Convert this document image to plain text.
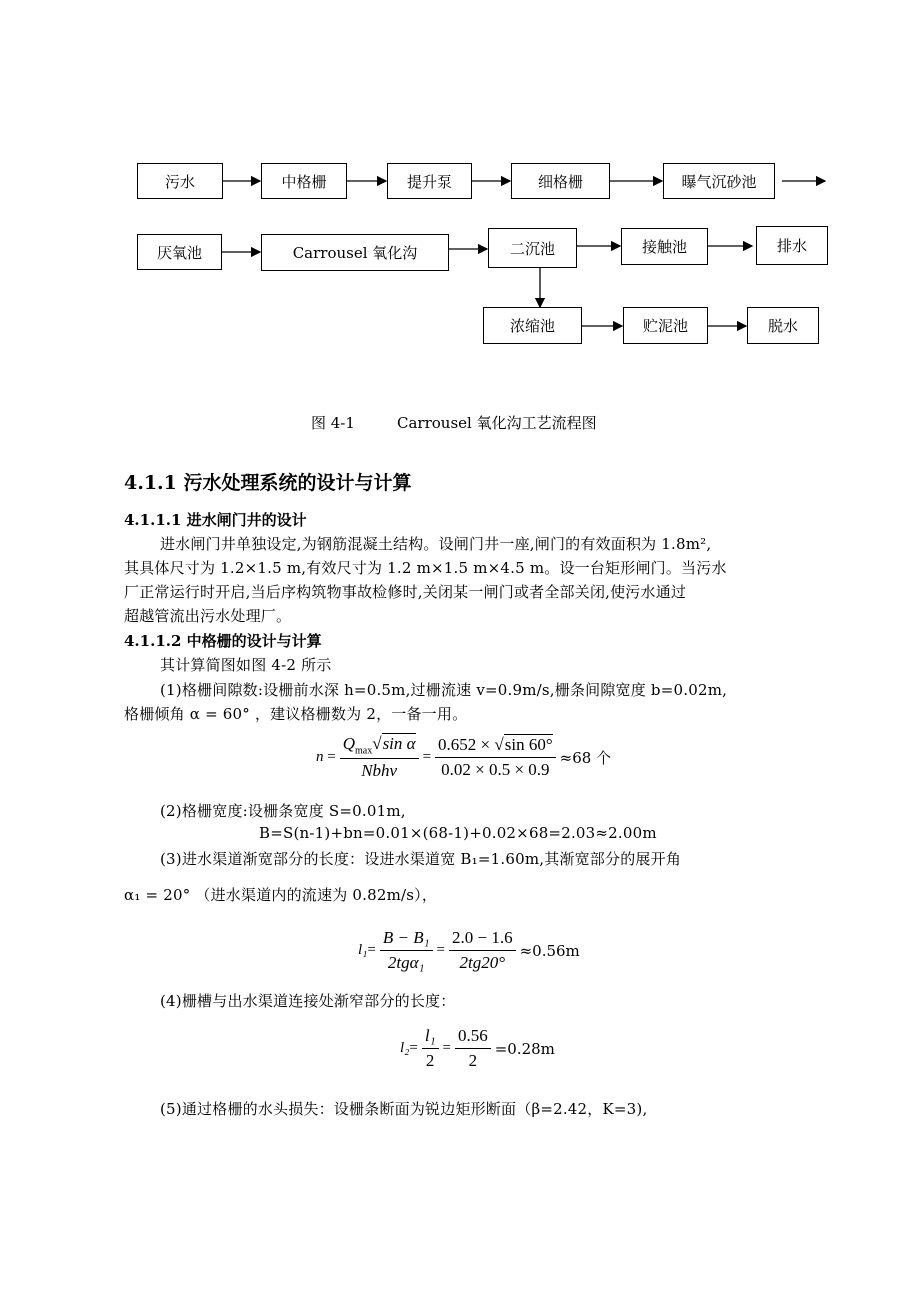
污水	中格栅	提升泵	细格栅	曝气沉砂池
厌氧池	Carrousel 氧化沟	二沉池	接触池	排水
浓缩池	贮泥池	脱水
图 4-1	Carrousel 氧化沟工艺流程图
4.1.1 污水处理系统的设计与计算
4.1.1.1 进水闸门井的设计
进水闸门井单独设定,为钢筋混凝土结构。设闸门井一座,闸门的有效面积为 1.8m²,
其具体尺寸为 1.2×1.5 m,有效尺寸为 1.2 m×1.5 m×4.5 m。设一台矩形闸门。当污水
厂正常运行时开启,当后序构筑物事故检修时,关闭某一闸门或者全部关闭,使污水通过
超越管流出污水处理厂。
4.1.1.2 中格栅的设计与计算
其计算简图如图 4-2 所示
(1)格栅间隙数:设栅前水深 h=0.5m,过栅流速 v=0.9m/s,栅条间隙宽度 b=0.02m,
格栅倾角 α = 60° ，建议格栅数为 2，一备一用。
$n = \frac{Q_{max}√\sin \alpha}{\text{Nbhv}} = \frac{0.652 \times √\sin 60^\circ}{0.02 \times 0.5 \times 0.9} \approx 68$ 个
(2)格栅宽度:设栅条宽度 S=0.01m,
B=S(n-1)+bn=0.01×(68-1)+0.02×68=2.03≈2.00m
(3)进水渠道渐宽部分的长度：设进水渠道宽 B₁=1.60m,其渐宽部分的展开角
α₁ = 20° （进水渠道内的流速为 0.82m/s），
$l_1 = \frac{\text{B − B₁}}{\text{2tgα₁}} = \frac{2.0 - 1.6}{2tg20^\circ} \approx 0.56m$
(4)栅槽与出水渠道连接处渐窄部分的长度：
$l_2 = \frac{\text{l₁}}{2} = \frac{0.56}{2} =0.28m$
(5)通过格栅的水头损失：设栅条断面为锐边矩形断面（β=2.42，K=3),
